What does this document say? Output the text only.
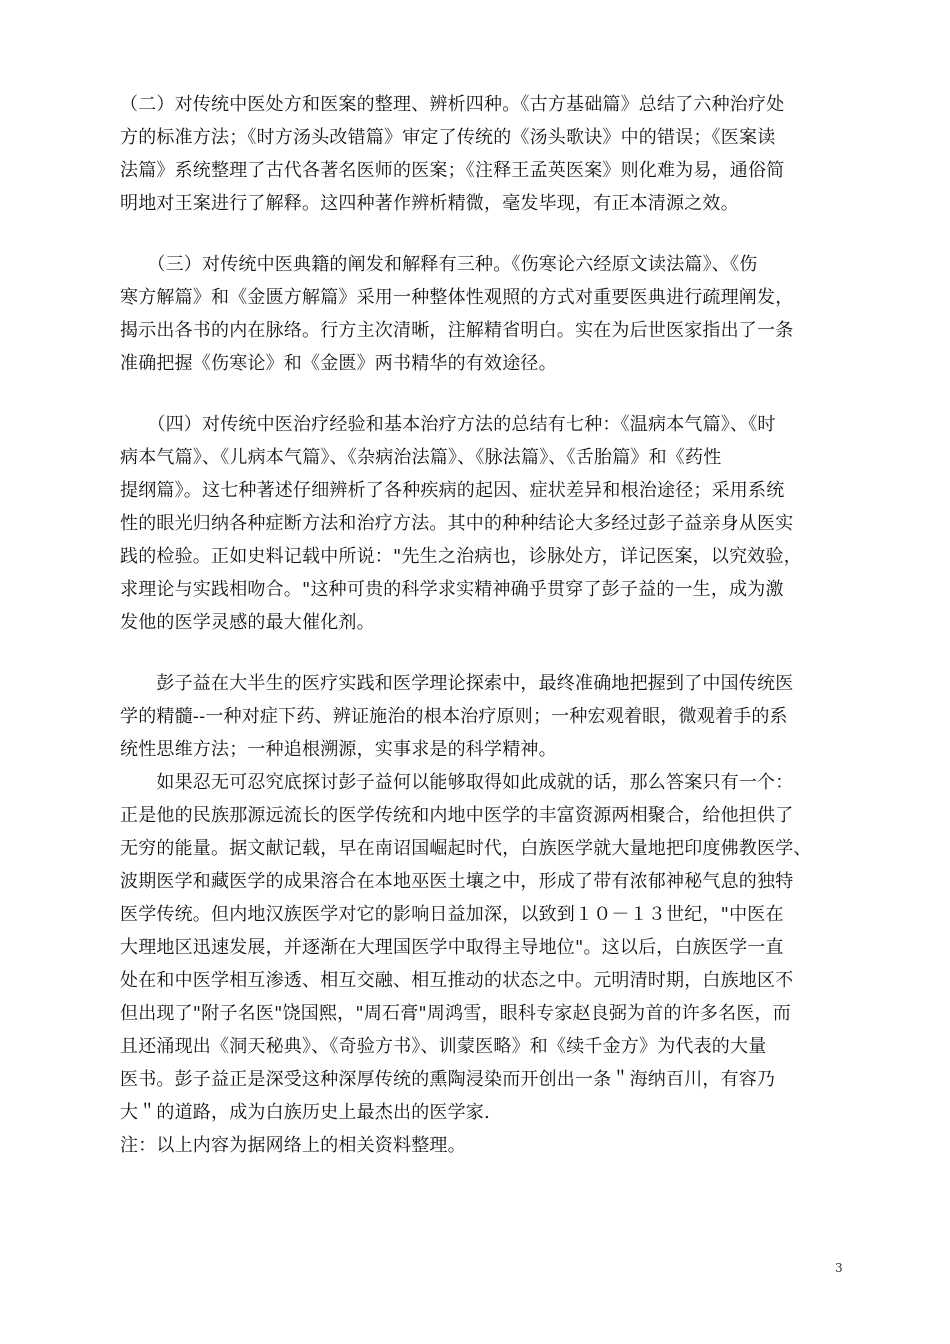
（二）对传统中医处方和医案的整理、辨析四种。《古方基础篇》总结了六种治疗处
方的标准方法；《时方汤头改错篇》审定了传统的《汤头歌诀》中的错误；《医案读
法篇》系统整理了古代各著名医师的医案；《注释王孟英医案》则化难为易，通俗简
明地对王案进行了解释。这四种著作辨析精微，毫发毕现，有正本清源之效。
　　（三）对传统中医典籍的阐发和解释有三种。《伤寒论六经原文读法篇》、《伤
寒方解篇》和《金匮方解篇》采用一种整体性观照的方式对重要医典进行疏理阐发，
揭示出各书的内在脉络。行方主次清晰，注解精省明白。实在为后世医家指出了一条
准确把握《伤寒论》和《金匮》两书精华的有效途径。
　　（四）对传统中医治疗经验和基本治疗方法的总结有七种：《温病本气篇》、《时
病本气篇》、《儿病本气篇》、《杂病治法篇》、《脉法篇》、《舌胎篇》和《药性
提纲篇》。这七种著述仔细辨析了各种疾病的起因、症状差异和根治途径；采用系统
性的眼光归纳各种症断方法和治疗方法。其中的种种结论大多经过彭子益亲身从医实
践的检验。正如史料记载中所说："先生之治病也，诊脉处方，详记医案，以究效验，
求理论与实践相吻合。"这种可贵的科学求实精神确乎贯穿了彭子益的一生，成为激
发他的医学灵感的最大催化剂。
　　彭子益在大半生的医疗实践和医学理论探索中，最终准确地把握到了中国传统医
学的精髓--一种对症下药、辨证施治的根本治疗原则；一种宏观着眼，微观着手的系
统性思维方法；一种追根溯源，实事求是的科学精神。
　　如果忍无可忍究底探讨彭子益何以能够取得如此成就的话，那么答案只有一个：
正是他的民族那源远流长的医学传统和内地中医学的丰富资源两相聚合，给他担供了
无穷的能量。据文献记载，早在南诏国崛起时代，白族医学就大量地把印度佛教医学、
波期医学和藏医学的成果溶合在本地巫医土壤之中，形成了带有浓郁神秘气息的独特
医学传统。但内地汉族医学对它的影响日益加深，以致到１０－１３世纪，"中医在
大理地区迅速发展，并逐渐在大理国医学中取得主导地位"。这以后，白族医学一直
处在和中医学相互渗透、相互交融、相互推动的状态之中。元明清时期，白族地区不
但出现了"附子名医"饶国熙，"周石膏"周鸿雪，眼科专家赵良弼为首的许多名医，而
且还涌现出《洞天秘典》、《奇验方书》、训蒙医略》和《续千金方》为代表的大量
医书。彭子益正是深受这种深厚传统的熏陶浸染而开创出一条＂海纳百川，有容乃
大＂的道路，成为白族历史上最杰出的医学家.
注：以上内容为据网络上的相关资料整理。
3
